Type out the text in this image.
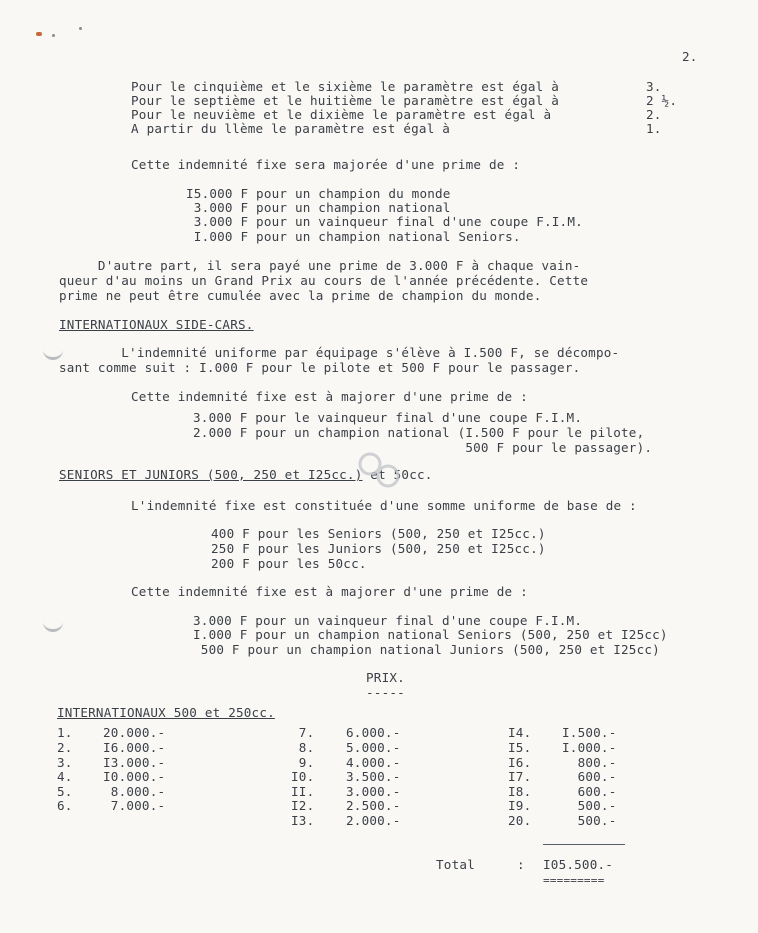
2.
Pour le cinquième et le sixième le paramètre est égal à	3.
Pour le septième et le huitième le paramètre est égal à	2 ½.
Pour le neuvième et le dixième le paramètre est égal à	2.
A partir du llème le paramètre est égal à	1.
Cette indemnité fixe sera majorée d'une prime de :
I5.000 F pour un champion du monde
3.000 F pour un champion national
3.000 F pour un vainqueur final d'une coupe F.I.M.
I.000 F pour un champion national Seniors.
D'autre part, il sera payé une prime de 3.000 F à chaque vain-
queur d'au moins un Grand Prix au cours de l'année précédente. Cette
prime ne peut être cumulée avec la prime de champion du monde.
INTERNATIONAUX SIDE-CARS.
L'indemnité uniforme par équipage s'élève à I.500 F, se décompo-
sant comme suit : I.000 F pour le pilote et 500 F pour le passager.
Cette indemnité fixe est à majorer d'une prime de :
3.000 F pour le vainqueur final d'une coupe F.I.M.
2.000 F pour un champion national (I.500 F pour le pilote,
500 F pour le passager).
SENIORS ET JUNIORS (500, 250 et I25cc.) et 50cc.
L'indemnité fixe est constituée d'une somme uniforme de base de :
400 F pour les Seniors (500, 250 et I25cc.)
250 F pour les Juniors (500, 250 et I25cc.)
200 F pour les 50cc.
Cette indemnité fixe est à majorer d'une prime de :
3.000 F pour un vainqueur final d'une coupe F.I.M.
I.000 F pour un champion national Seniors (500, 250 et I25cc)
500 F pour un champion national Juniors (500, 250 et I25cc)
PRIX.
-----
INTERNATIONAUX 500 et 250cc.
1. 20.000.-
2. I6.000.-
3. I3.000.-
4. I0.000.-
5. 8.000.-
6. 7.000.-
7.	6.000.-
8.	5.000.-
9.	4.000.-
I0.	3.500.-
II.	3.000.-
I2.	2.500.-
I3.	2.000.-
I4. I.500.-
I5. I.000.-
I6. 800.-
I7. 600.-
I8. 600.-
I9. 500.-
20. 500.-
Total	: I05.500.-
=========
